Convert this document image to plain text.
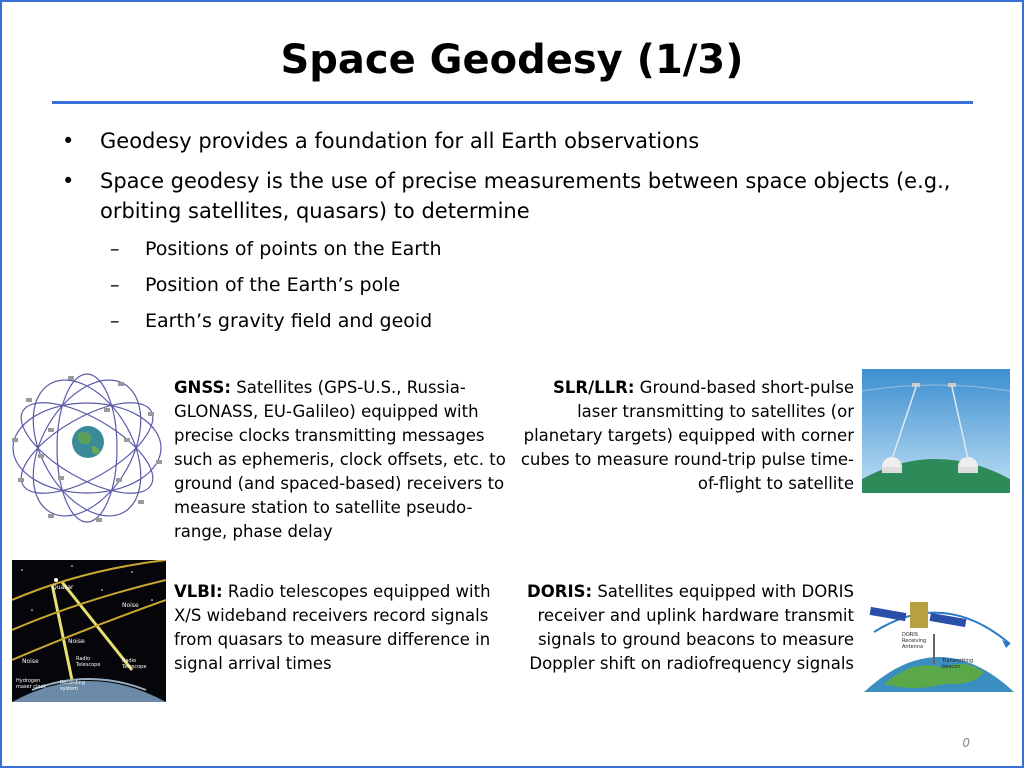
Space Geodesy (1/3)
• Geodesy provides a foundation for all Earth observations
• Space geodesy is the use of precise measurements between space objects (e.g., orbiting satellites, quasars) to determine
– Positions of points on the Earth
– Position of the Earth’s pole
– Earth’s gravity field and geoid
GNSS: Satellites (GPS-U.S., Russia-GLONASS, EU-Galileo) equipped with precise clocks transmitting messages such as ephemeris, clock offsets, etc. to ground (and spaced-based) receivers to measure station to satellite pseudo-range, phase delay
SLR/LLR: Ground-based short-pulse laser transmitting to satellites (or planetary targets) equipped with corner cubes to measure round-trip pulse time-of-flight to satellite
Quasar
Noise
Noise
Noise	Radio Telescope
Radio Telescope
Hydrogen maser clock
Recording system
VLBI: Radio telescopes equipped with X/S wideband receivers record signals from quasars to measure difference in signal arrival times
DORIS: Satellites equipped with DORIS receiver and uplink hardware transmit signals to ground beacons to measure Doppler shift on radiofrequency signals
DORIS Receiving Antenna
Transmitting beacon
0
